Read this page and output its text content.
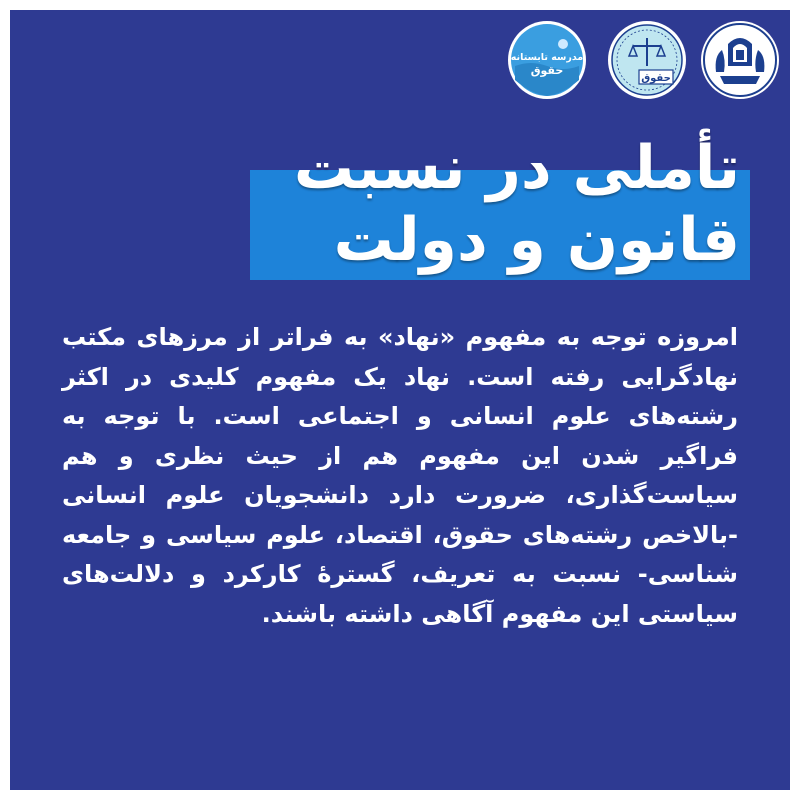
مدرسه تابستانه
حقوق
حقوق
تأملی در نسبت
قانون و دولت

امروزه توجه به مفهوم «نهاد» به فراتر از مرزهای مکتب نهادگرایی رفته است. نهاد یک مفهوم کلیدی در اکثر رشته‌های علوم انسانی و اجتماعی است. با توجه به فراگیر شدن این مفهوم هم از حیث نظری و هم سیاست‌گذاری، ضرورت دارد دانشجویان علوم انسانی -بالاخص رشته‌های حقوق، اقتصاد، علوم سیاسی و جامعه شناسی- نسبت به تعریف، گسترهٔ کارکرد و دلالت‌های سیاستی این مفهوم آگاهی داشته باشند.
